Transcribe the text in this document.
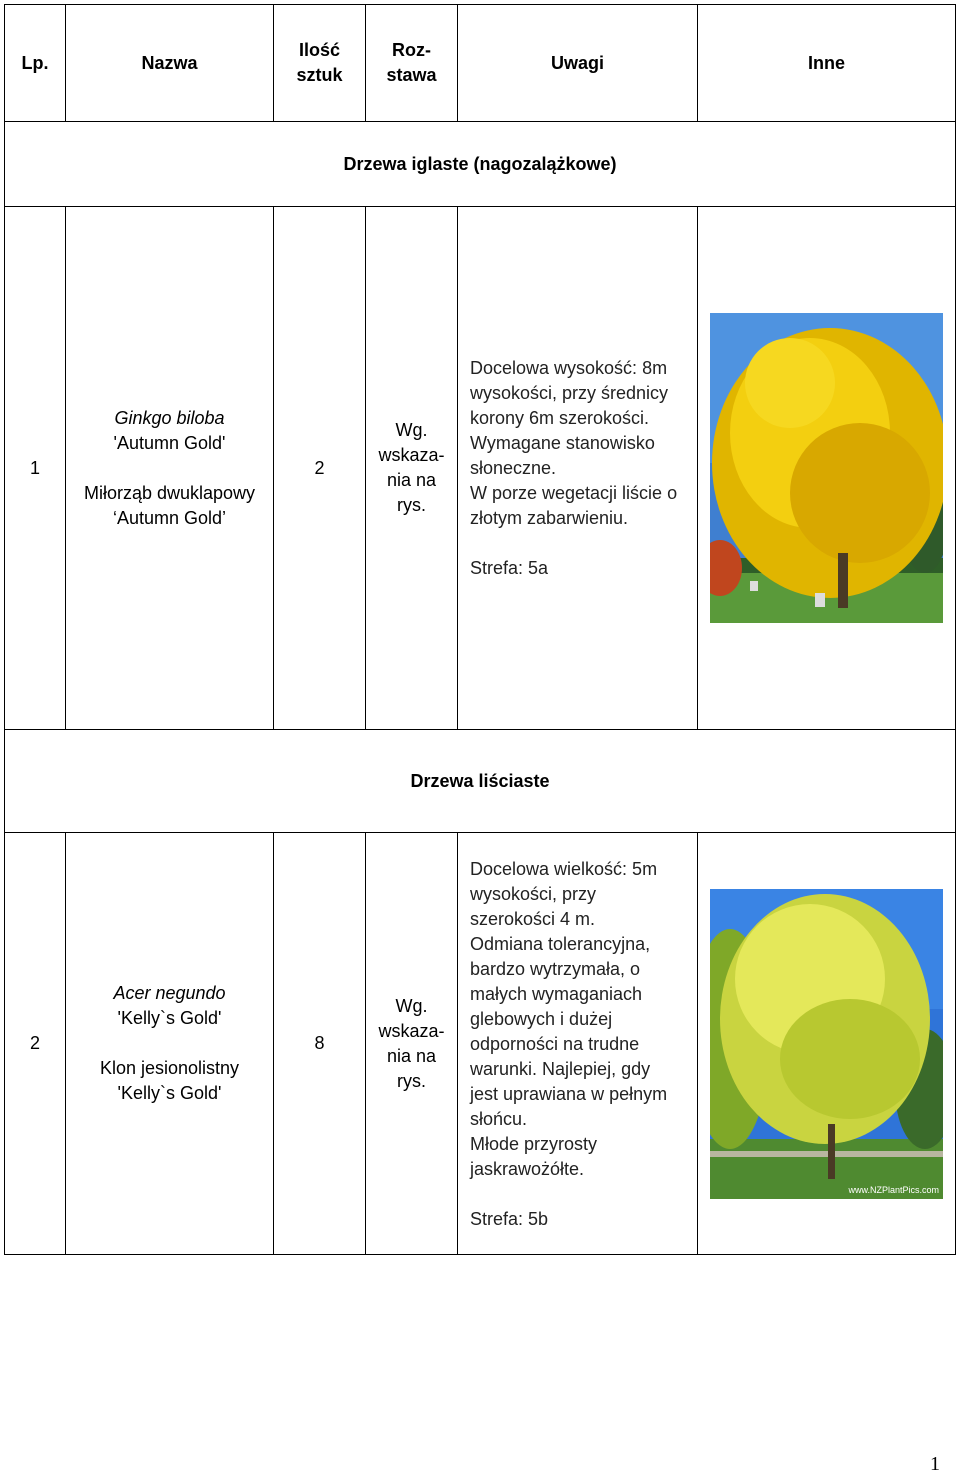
Lp.	Nazwa
Ilość
sztuk
Roz-
stawa
Uwagi	Inne
Drzewa iglaste (nagozalążkowe)
1
Ginkgo biloba
'Autumn Gold'
Miłorząb dwuklapowy
‘Autumn Gold’
2
Wg.
wskaza-
nia na
rys.

Docelowa wysokość: 8m

wysokości, przy średnicy

korony 6m szerokości.

Wymagane stanowisko

słoneczne.

W porze wegetacji liście o

złotym zabarwieniu.

Strefa: 5a

Drzewa liściaste
2
Acer negundo
'Kelly`s Gold'
Klon jesionolistny
'Kelly`s Gold'
8
Wg.
wskaza-
nia na
rys.

Docelowa wielkość: 5m

wysokości, przy

szerokości 4 m.

Odmiana tolerancyjna,

bardzo wytrzymała, o

małych wymaganiach

glebowych i dużej

odporności na trudne

warunki. Najlepiej, gdy

jest uprawiana w pełnym

słońcu.

Młode przyrosty

jaskrawożółte.

Strefa: 5b

www.NZPlantPics.com
1
